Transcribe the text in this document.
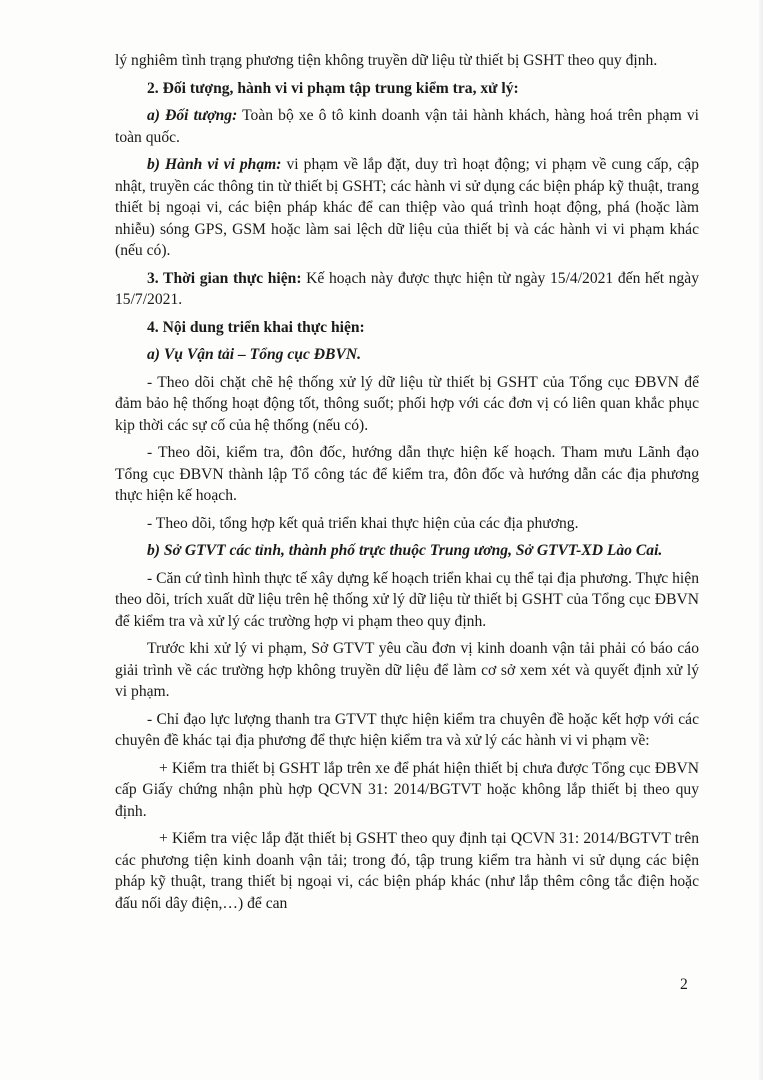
lý nghiêm tình trạng phương tiện không truyền dữ liệu từ thiết bị GSHT theo quy định.

2. Đối tượng, hành vi vi phạm tập trung kiểm tra, xử lý:

a) Đối tượng: Toàn bộ xe ô tô kinh doanh vận tải hành khách, hàng hoá trên phạm vi toàn quốc.

b) Hành vi vi phạm: vi phạm về lắp đặt, duy trì hoạt động; vi phạm về cung cấp, cập nhật, truyền các thông tin từ thiết bị GSHT; các hành vi sử dụng các biện pháp kỹ thuật, trang thiết bị ngoại vi, các biện pháp khác để can thiệp vào quá trình hoạt động, phá (hoặc làm nhiễu) sóng GPS, GSM hoặc làm sai lệch dữ liệu của thiết bị và các hành vi vi phạm khác (nếu có).

3. Thời gian thực hiện: Kế hoạch này được thực hiện từ ngày 15/4/2021 đến hết ngày 15/7/2021.

4. Nội dung triển khai thực hiện:

a) Vụ Vận tải – Tổng cục ĐBVN.

- Theo dõi chặt chẽ hệ thống xử lý dữ liệu từ thiết bị GSHT của Tổng cục ĐBVN để đảm bảo hệ thống hoạt động tốt, thông suốt; phối hợp với các đơn vị có liên quan khắc phục kịp thời các sự cố của hệ thống (nếu có).

- Theo dõi, kiểm tra, đôn đốc, hướng dẫn thực hiện kế hoạch. Tham mưu Lãnh đạo Tổng cục ĐBVN thành lập Tổ công tác để kiểm tra, đôn đốc và hướng dẫn các địa phương thực hiện kế hoạch.

- Theo dõi, tổng hợp kết quả triển khai thực hiện của các địa phương.

b) Sở GTVT các tỉnh, thành phố trực thuộc Trung ương, Sở GTVT-XD Lào Cai.

- Căn cứ tình hình thực tế xây dựng kế hoạch triển khai cụ thể tại địa phương. Thực hiện theo dõi, trích xuất dữ liệu trên hệ thống xử lý dữ liệu từ thiết bị GSHT của Tổng cục ĐBVN để kiểm tra và xử lý các trường hợp vi phạm theo quy định.

Trước khi xử lý vi phạm, Sở GTVT yêu cầu đơn vị kinh doanh vận tải phải có báo cáo giải trình về các trường hợp không truyền dữ liệu để làm cơ sở xem xét và quyết định xử lý vi phạm.

- Chỉ đạo lực lượng thanh tra GTVT thực hiện kiểm tra chuyên đề hoặc kết hợp với các chuyên đề khác tại địa phương để thực hiện kiểm tra và xử lý các hành vi vi phạm về:

+ Kiểm tra thiết bị GSHT lắp trên xe để phát hiện thiết bị chưa được Tổng cục ĐBVN cấp Giấy chứng nhận phù hợp QCVN 31: 2014/BGTVT hoặc không lắp thiết bị theo quy định.

+ Kiểm tra việc lắp đặt thiết bị GSHT theo quy định tại QCVN 31: 2014/BGTVT trên các phương tiện kinh doanh vận tải; trong đó, tập trung kiểm tra hành vi sử dụng các biện pháp kỹ thuật, trang thiết bị ngoại vi, các biện pháp khác (như lắp thêm công tắc điện hoặc đấu nối dây điện,…) để can

2
